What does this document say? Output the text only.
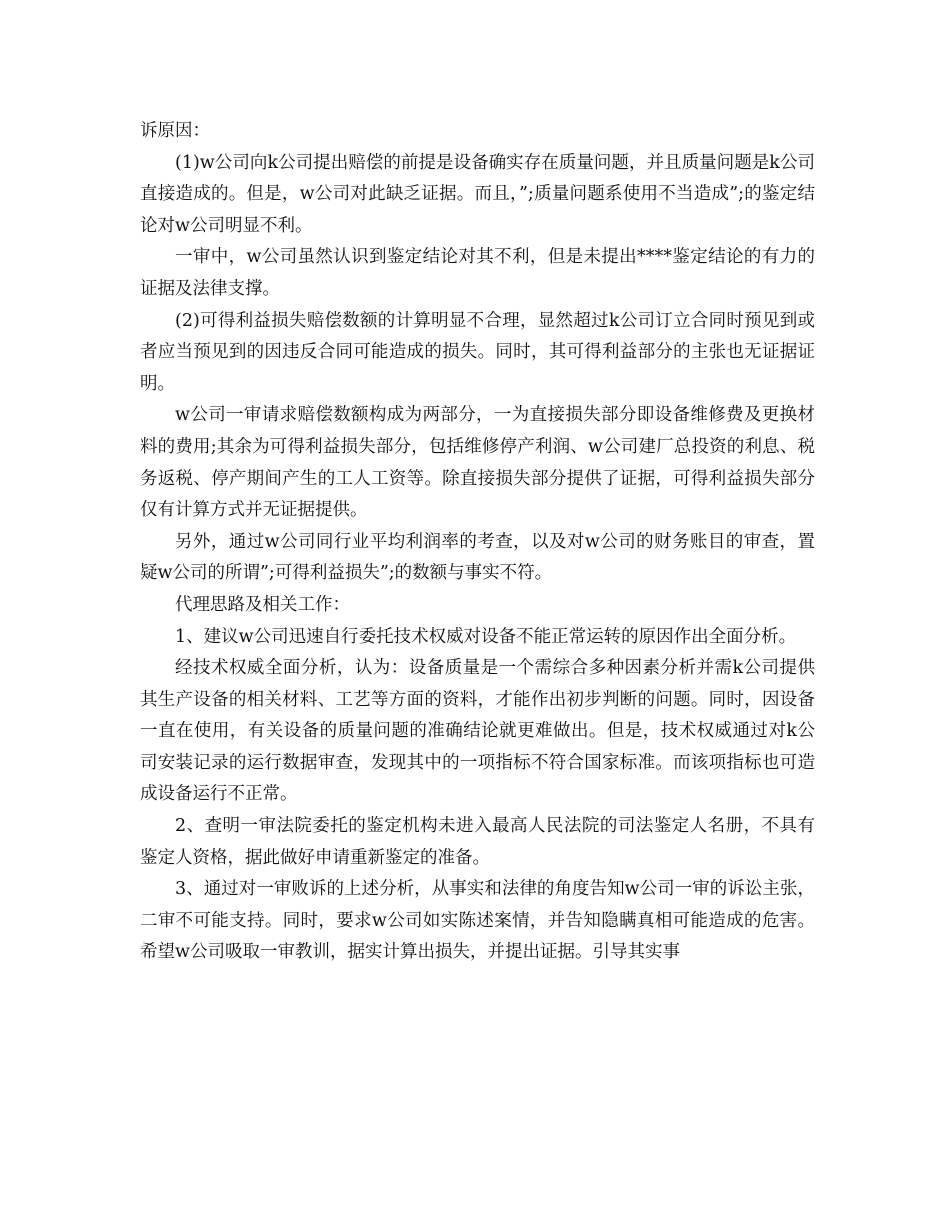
诉原因：

(1)w公司向k公司提出赔偿的前提是设备确实存在质量问题，并且质量问题是k公司直接造成的。但是，w公司对此缺乏证据。而且，”;质量问题系使用不当造成”;的鉴定结论对w公司明显不利。

一审中，w公司虽然认识到鉴定结论对其不利，但是未提出****鉴定结论的有力的证据及法律支撑。

(2)可得利益损失赔偿数额的计算明显不合理，显然超过k公司订立合同时预见到或者应当预见到的因违反合同可能造成的损失。同时，其可得利益部分的主张也无证据证明。

w公司一审请求赔偿数额构成为两部分，一为直接损失部分即设备维修费及更换材料的费用;其余为可得利益损失部分，包括维修停产利润、w公司建厂总投资的利息、税务返税、停产期间产生的工人工资等。除直接损失部分提供了证据，可得利益损失部分仅有计算方式并无证据提供。

另外，通过w公司同行业平均利润率的考查，以及对w公司的财务账目的审查，置疑w公司的所谓”;可得利益损失”;的数额与事实不符。

代理思路及相关工作：

1、建议w公司迅速自行委托技术权威对设备不能正常运转的原因作出全面分析。

经技术权威全面分析，认为：设备质量是一个需综合多种因素分析并需k公司提供其生产设备的相关材料、工艺等方面的资料，才能作出初步判断的问题。同时，因设备一直在使用，有关设备的质量问题的准确结论就更难做出。但是，技术权威通过对k公司安装记录的运行数据审查，发现其中的一项指标不符合国家标准。而该项指标也可造成设备运行不正常。

2、查明一审法院委托的鉴定机构未进入最高人民法院的司法鉴定人名册，不具有鉴定人资格，据此做好申请重新鉴定的准备。

3、通过对一审败诉的上述分析，从事实和法律的角度告知w公司一审的诉讼主张，二审不可能支持。同时，要求w公司如实陈述案情，并告知隐瞒真相可能造成的危害。希望w公司吸取一审教训，据实计算出损失，并提出证据。引导其实事
